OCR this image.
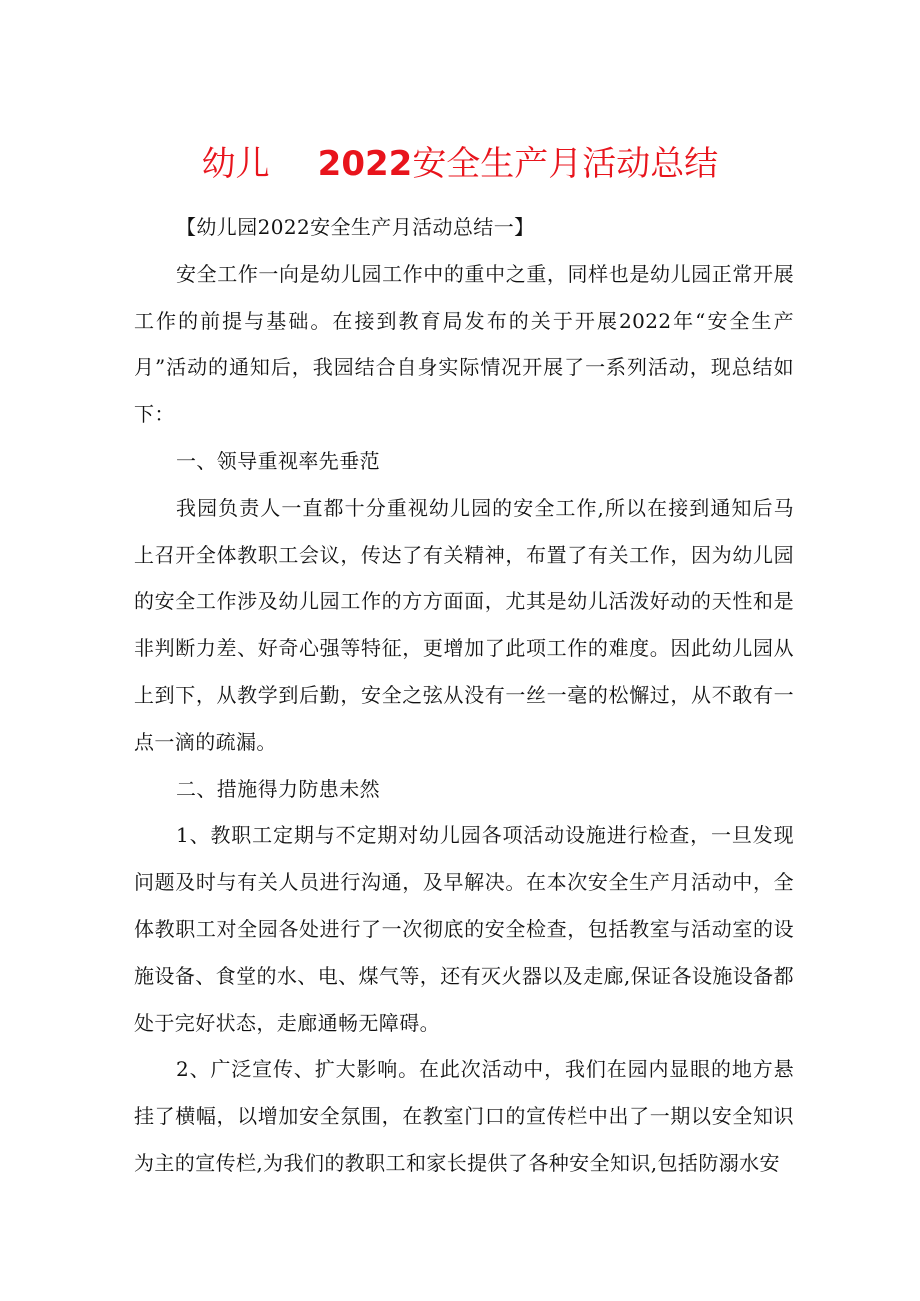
幼儿 2022安全生产月活动总结

【幼儿园2022安全生产月活动总结一】

安全工作一向是幼儿园工作中的重中之重，同样也是幼儿园正常开展工作的前提与基础。在接到教育局发布的关于开展2022年“安全生产月”活动的通知后，我园结合自身实际情况开展了一系列活动，现总结如下：

一、领导重视率先垂范

我园负责人一直都十分重视幼儿园的安全工作,所以在接到通知后马上召开全体教职工会议，传达了有关精神，布置了有关工作，因为幼儿园的安全工作涉及幼儿园工作的方方面面，尤其是幼儿活泼好动的天性和是非判断力差、好奇心强等特征，更增加了此项工作的难度。因此幼儿园从上到下，从教学到后勤，安全之弦从没有一丝一毫的松懈过，从不敢有一点一滴的疏漏。

二、措施得力防患未然

1、教职工定期与不定期对幼儿园各项活动设施进行检查，一旦发现问题及时与有关人员进行沟通，及早解决。在本次安全生产月活动中，全体教职工对全园各处进行了一次彻底的安全检查，包括教室与活动室的设施设备、食堂的水、电、煤气等，还有灭火器以及走廊,保证各设施设备都处于完好状态，走廊通畅无障碍。

2、广泛宣传、扩大影响。在此次活动中，我们在园内显眼的地方悬挂了横幅，以增加安全氛围，在教室门口的宣传栏中出了一期以安全知识为主的宣传栏,为我们的教职工和家长提供了各种安全知识,包括防溺水安
